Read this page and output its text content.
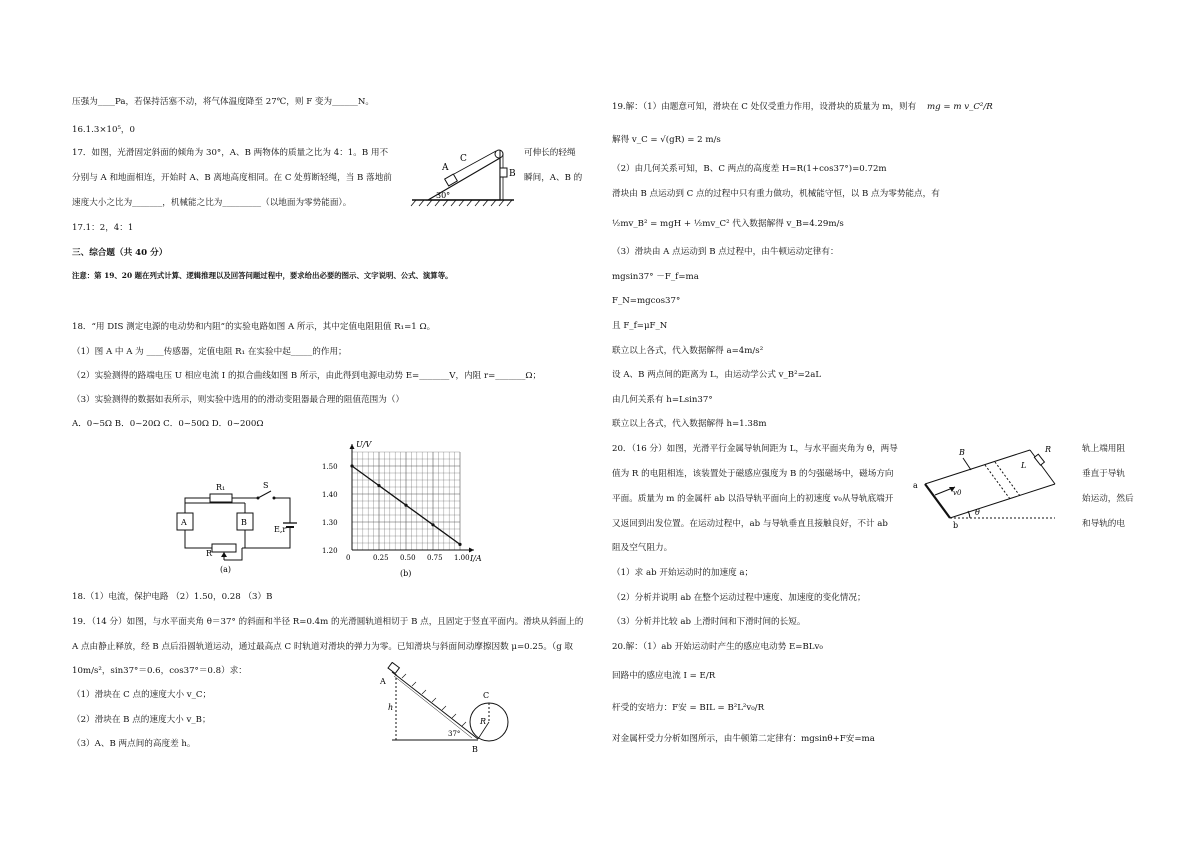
压强为____Pa，若保持活塞不动，将气体温度降至 27℃，则 F 变为______N。
16.1.3×10⁵，0
17．如图，光滑固定斜面的倾角为 30°，A、B 两物体的质量之比为 4：1。B 用不	可伸长的轻绳
分别与 A 和地面相连，开始时 A、B 离地高度相同。在 C 处剪断轻绳，当 B 落地前	瞬间，A、B 的
速度大小之比为_______，机械能之比为_________（以地面为零势能面）。
17.1：2，4：1
三、综合题（共 40 分）
注意：第 19、20 题在列式计算、逻辑推理以及回答问题过程中，要求给出必要的图示、文字说明、公式、演算等。
18．“用 DIS 测定电源的电动势和内阻”的实验电路如图 A 所示，其中定值电阻阻值 R₁=1 Ω。
（1）图 A 中 A 为 ____传感器，定值电阻 R₁ 在实验中起_____的作用；
（2）实验测得的路端电压 U 相应电流 I 的拟合曲线如图 B 所示，由此得到电源电动势 E=_______V，内阻 r=_______Ω；
（3）实验测得的数据如表所示，则实验中选用的的滑动变阻器最合理的阻值范围为（）
A．0~5Ω B．0~20Ω C．0~50Ω D．0~200Ω
18.（1）电流，保护电路 （2）1.50，0.28 （3）B
19．（14 分）如图，与水平面夹角 θ＝37° 的斜面和半径 R=0.4m 的光滑圆轨道相切于 B 点，且固定于竖直平面内。滑块从斜面上的
A 点由静止释放，经 B 点后沿圆轨道运动，通过最高点 C 时轨道对滑块的弹力为零。已知滑块与斜面间动摩擦因数 μ=0.25。（g 取
10m/s²，sin37°＝0.6，cos37°＝0.8）求：
（1）滑块在 C 点的速度大小 v_C；
（2）滑块在 B 点的速度大小 v_B；
（3）A、B 两点间的高度差 h。
A
C
B
30°
R₁	S
A	B
E,r
R
(a)
0	0.25 0.50 0.75 1.00
1.20
1.30
1.40
1.50
U/V
I/A
(b)
A
h
37°
B
R
C
19.解：（1）由题意可知，滑块在 C 处仅受重力作用，设滑块的质量为 m，则有 mg = m v_C²/R
解得 v_C = √(gR) = 2 m/s
（2）由几何关系可知，B、C 两点的高度差 H=R(1+cos37°)=0.72m
滑块由 B 点运动到 C 点的过程中只有重力做功，机械能守恒，以 B 点为零势能点，有
½mv_B² = mgH + ½mv_C² 代入数据解得 v_B=4.29m/s
（3）滑块由 A 点运动到 B 点过程中，由牛顿运动定律有：
mgsin37° －F_f=ma
F_N=mgcos37°
且 F_f=μF_N
联立以上各式，代入数据解得 a=4m/s²
设 A、B 两点间的距离为 L，由运动学公式 v_B²=2aL
由几何关系有 h=Lsin37°
联立以上各式，代入数据解得 h=1.38m
20．（16 分）如图，光滑平行金属导轨间距为 L，与水平面夹角为 θ，两导	轨上端用阻
值为 R 的电阻相连，该装置处于磁感应强度为 B 的匀强磁场中，磁场方向	垂直于导轨
平面。质量为 m 的金属杆 ab 以沿导轨平面向上的初速度 v₀从导轨底端开	始运动，然后
又返回到出发位置。在运动过程中，ab 与导轨垂直且接触良好，不计 ab	和导轨的电
阻及空气阻力。
（1）求 ab 开始运动时的加速度 a；
（2）分析并说明 ab 在整个运动过程中速度、加速度的变化情况；
（3）分析并比较 ab 上滑时间和下滑时间的长短。
20.解：（1）ab 开始运动时产生的感应电动势 E=BLv₀
回路中的感应电流 I = E/R
杆受的安培力：F安 = BIL = B²L²v₀/R
对金属杆受力分析如图所示，由牛顿第二定律有：mgsinθ+F安=ma
B	R
L
a
v0
b
θ
